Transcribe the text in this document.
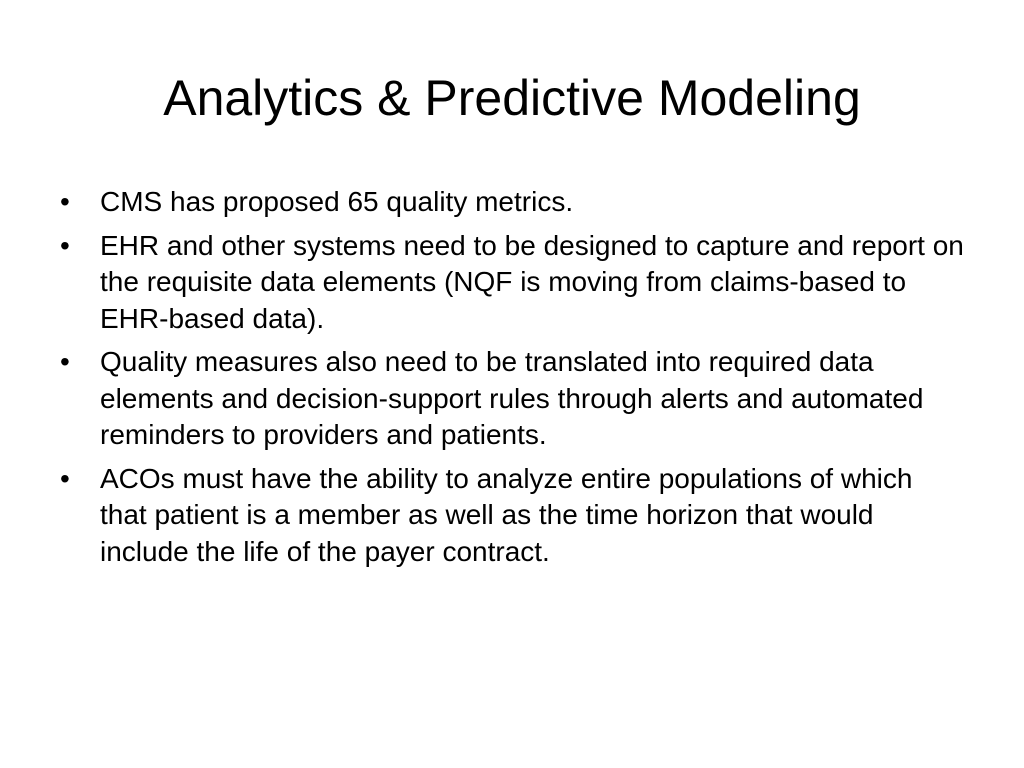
Analytics & Predictive Modeling
•	CMS has proposed 65 quality metrics.
•	EHR and other systems need to be designed to capture and report on the requisite data elements (NQF is moving from claims-based to EHR-based data).
•	Quality measures also need to be translated into required data elements and decision-support rules through alerts and automated reminders to providers and patients.
•	ACOs must have the ability to analyze entire populations of which that patient is a member as well as the time horizon that would include the life of the payer contract.
